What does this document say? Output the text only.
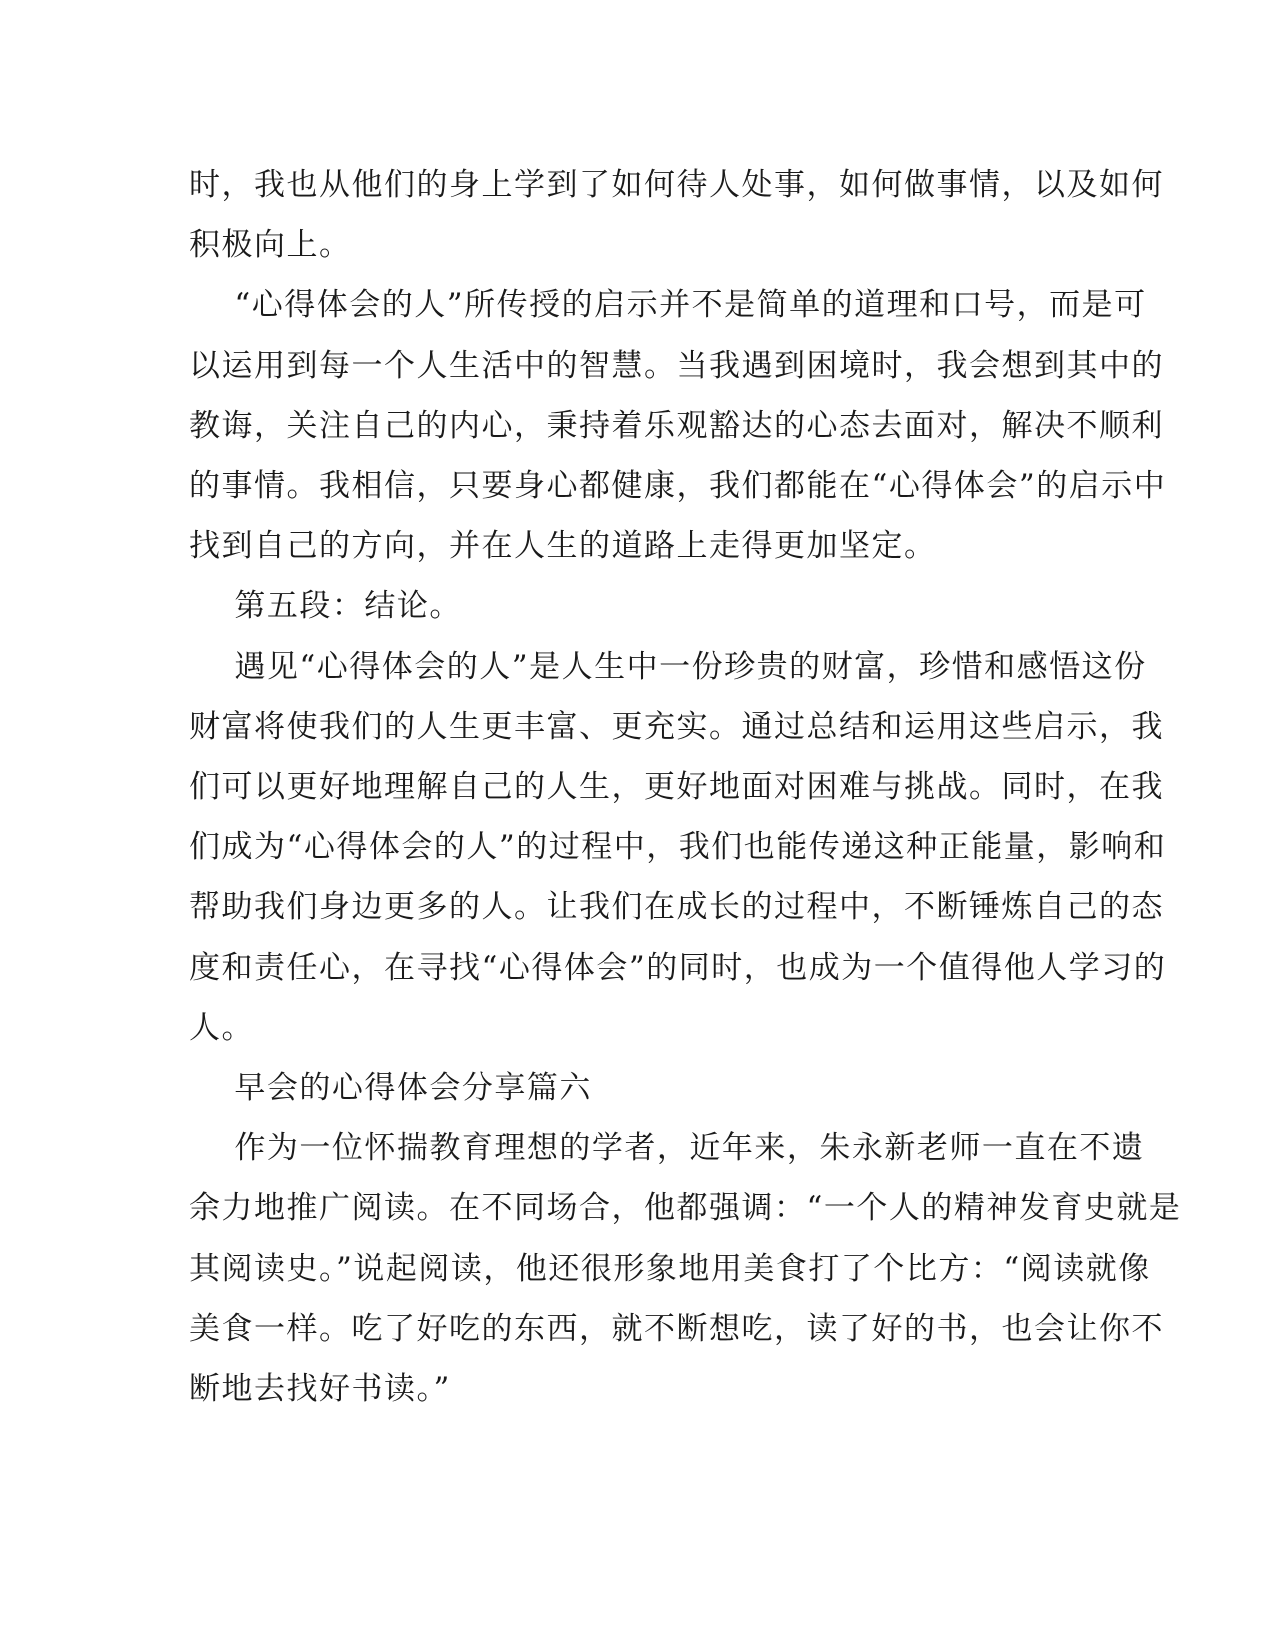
时，我也从他们的身上学到了如何待人处事，如何做事情，以及如何

积极向上。

“心得体会的人”所传授的启示并不是简单的道理和口号，而是可

以运用到每一个人生活中的智慧。当我遇到困境时，我会想到其中的

教诲，关注自己的内心，秉持着乐观豁达的心态去面对，解决不顺利

的事情。我相信，只要身心都健康，我们都能在“心得体会”的启示中

找到自己的方向，并在人生的道路上走得更加坚定。

第五段：结论。

遇见“心得体会的人”是人生中一份珍贵的财富，珍惜和感悟这份

财富将使我们的人生更丰富、更充实。通过总结和运用这些启示，我

们可以更好地理解自己的人生，更好地面对困难与挑战。同时，在我

们成为“心得体会的人”的过程中，我们也能传递这种正能量，影响和

帮助我们身边更多的人。让我们在成长的过程中，不断锤炼自己的态

度和责任心，在寻找“心得体会”的同时，也成为一个值得他人学习的

人。

早会的心得体会分享篇六

作为一位怀揣教育理想的学者，近年来，朱永新老师一直在不遗

余力地推广阅读。在不同场合，他都强调：“一个人的精神发育史就是

其阅读史。”说起阅读，他还很形象地用美食打了个比方：“阅读就像

美食一样。吃了好吃的东西，就不断想吃，读了好的书，也会让你不

断地去找好书读。”
